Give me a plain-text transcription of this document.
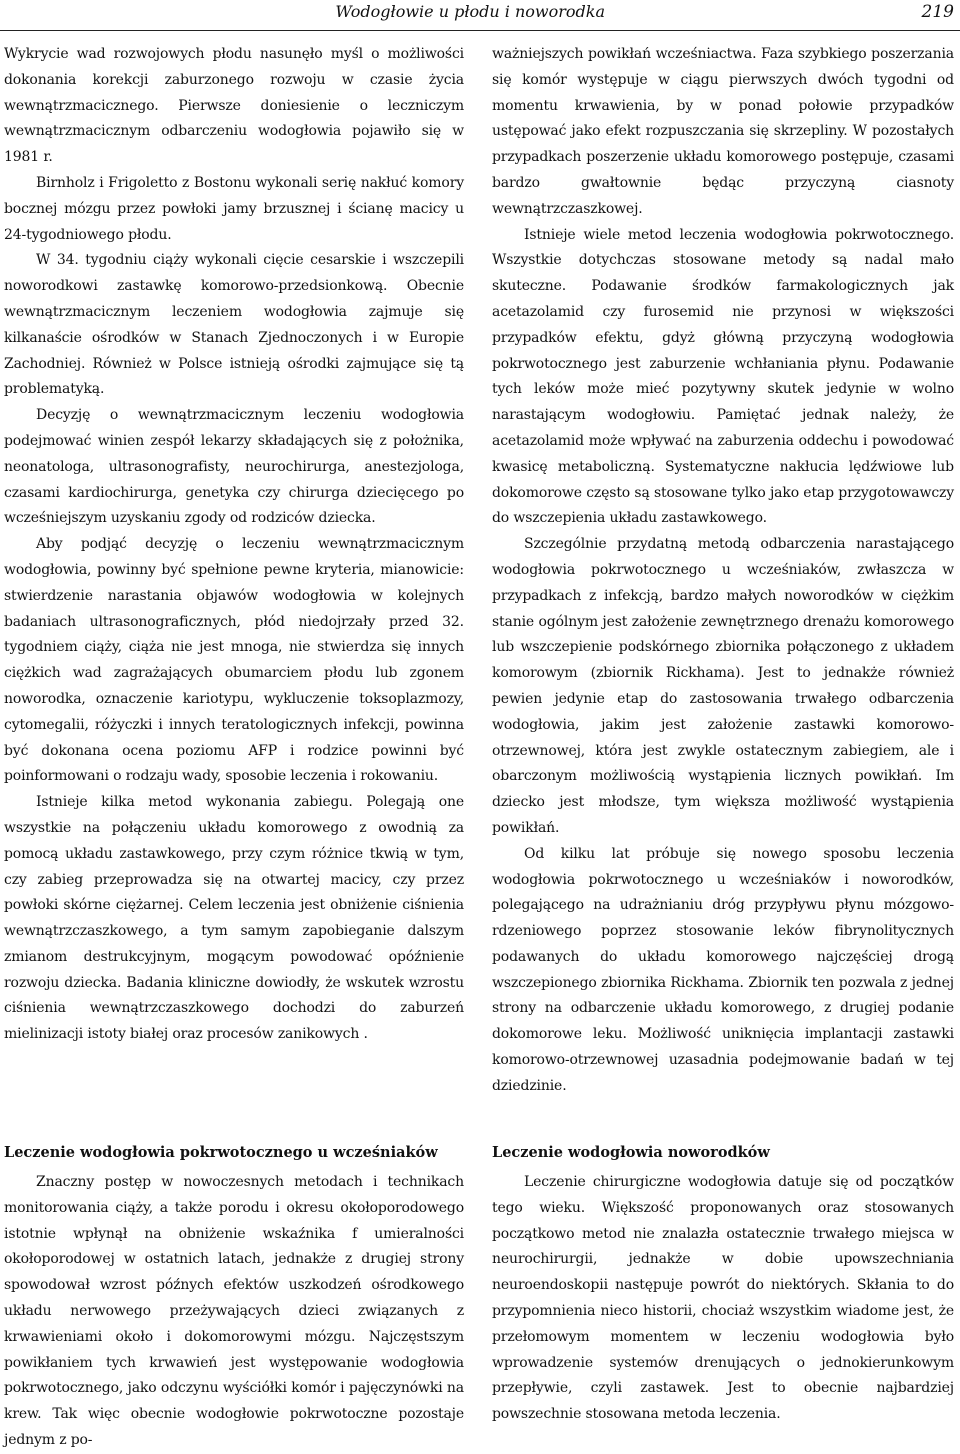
Wodogłowie u płodu i noworodka	219

Wykrycie wad rozwojowych płodu nasunęło myśl o możliwości dokonania korekcji zaburzonego rozwoju w czasie życia wewnątrzmacicznego. Pierwsze doniesienie o leczniczym wewnątrzmacicznym odbarczeniu wodogłowia pojawiło się w 1981 r.

Birnholz i Frigoletto z Bostonu wykonali serię nakłuć komory bocznej mózgu przez powłoki jamy brzusznej i ścianę macicy u 24-tygodniowego płodu.

W 34. tygodniu ciąży wykonali cięcie cesarskie i wszczepili noworodkowi zastawkę komorowo-przedsionkową. Obecnie wewnątrzmacicznym leczeniem wodogłowia zajmuje się kilkanaście ośrodków w Stanach Zjednoczonych i w Europie Zachodniej. Również w Polsce istnieją ośrodki zajmujące się tą problematyką.

Decyzję o wewnątrzmacicznym leczeniu wodogłowia podejmować winien zespół lekarzy składających się z położnika, neonatologa, ultrasonografisty, neurochirurga, anestezjologa, czasami kardiochirurga, genetyka czy chirurga dziecięcego po wcześniejszym uzyskaniu zgody od rodziców dziecka.

Aby podjąć decyzję o leczeniu wewnątrzmacicznym wodogłowia, powinny być spełnione pewne kryteria, mianowicie: stwierdzenie narastania objawów wodogłowia w kolejnych badaniach ultrasonograficznych, płód niedojrzały przed 32. tygodniem ciąży, ciąża nie jest mnoga, nie stwierdza się innych ciężkich wad zagrażających obumarciem płodu lub zgonem noworodka, oznaczenie kariotypu, wykluczenie toksoplazmozy, cytomegalii, różyczki i innych teratologicznych infekcji, powinna być dokonana ocena poziomu AFP i rodzice powinni być poinformowani o rodzaju wady, sposobie leczenia i rokowaniu.

Istnieje kilka metod wykonania zabiegu. Polegają one wszystkie na połączeniu układu komorowego z owodnią za pomocą układu zastawkowego, przy czym różnice tkwią w tym, czy zabieg przeprowadza się na otwartej macicy, czy przez powłoki skórne ciężarnej. Celem leczenia jest obniżenie ciśnienia wewnątrzczaszkowego, a tym samym zapobieganie dalszym zmianom destrukcyjnym, mogącym powodować opóźnienie rozwoju dziecka. Badania kliniczne dowiodły, że wskutek wzrostu ciśnienia wewnątrzczaszkowego dochodzi do zaburzeń mielinizacji istoty białej oraz procesów zanikowych .

ważniejszych powikłań wcześniactwa. Faza szybkiego poszerzania się komór występuje w ciągu pierwszych dwóch tygodni od momentu krwawienia, by w ponad połowie przypadków ustępować jako efekt rozpuszczania się skrzepliny. W pozostałych przypadkach poszerzenie układu komorowego postępuje, czasami bardzo gwałtownie będąc przyczyną ciasnoty wewnątrzczaszkowej.

Istnieje wiele metod leczenia wodogłowia pokrwotocznego. Wszystkie dotychczas stosowane metody są nadal mało skuteczne. Podawanie środków farmakologicznych jak acetazolamid czy furosemid nie przynosi w większości przypadków efektu, gdyż główną przyczyną wodogłowia pokrwotocznego jest zaburzenie wchłaniania płynu. Podawanie tych leków może mieć pozytywny skutek jedynie w wolno narastającym wodogłowiu. Pamiętać jednak należy, że acetazolamid może wpływać na zaburzenia oddechu i powodować kwasicę metaboliczną. Systematyczne nakłucia lędźwiowe lub dokomorowe często są stosowane tylko jako etap przygotowawczy do wszczepienia układu zastawkowego.

Szczególnie przydatną metodą odbarczenia narastającego wodogłowia pokrwotocznego u wcześniaków, zwłaszcza w przypadkach z infekcją, bardzo małych noworodków w ciężkim stanie ogólnym jest założenie zewnętrznego drenażu komorowego lub wszczepienie podskórnego zbiornika połączonego z układem komorowym (zbiornik Rickhama). Jest to jednakże również pewien jedynie etap do zastosowania trwałego odbarczenia wodogłowia, jakim jest założenie zastawki komorowo-otrzewnowej, która jest zwykle ostatecznym zabiegiem, ale i obarczonym możliwością wystąpienia licznych powikłań. Im dziecko jest młodsze, tym większa możliwość wystąpienia powikłań.

Od kilku lat próbuje się nowego sposobu leczenia wodogłowia pokrwotocznego u wcześniaków i noworodków, polegającego na udrażnianiu dróg przypływu płynu mózgowo-rdzeniowego poprzez stosowanie leków fibrynolitycznych podawanych do układu komorowego najczęściej drogą wszczepionego zbiornika Rickhama. Zbiornik ten pozwala z jednej strony na odbarczenie układu komorowego, z drugiej podanie dokomorowe leku. Możliwość uniknięcia implantacji zastawki komorowo-otrzewnowej uzasadnia podejmowanie badań w tej dziedzinie.

Leczenie wodogłowia pokrwotocznego u wcześniaków

Znaczny postęp w nowoczesnych metodach i technikach monitorowania ciąży, a także porodu i okresu okołoporodowego istotnie wpłynął na obniżenie wskaźnika f umieralności okołoporodowej w ostatnich latach, jednakże z drugiej strony spowodował wzrost późnych efektów uszkodzeń ośrodkowego układu nerwowego przeżywających dzieci związanych z krwawieniami około i dokomorowymi mózgu. Najczęstszym powikłaniem tych krwawień jest występowanie wodogłowia pokrwotocznego, jako odczynu wyściółki komór i pajęczynówki na krew. Tak więc obecnie wodogłowie pokrwotoczne pozostaje jednym z po-

Leczenie wodogłowia noworodków

Leczenie chirurgiczne wodogłowia datuje się od początków tego wieku. Większość proponowanych oraz stosowanych początkowo metod nie znalazła ostatecznie trwałego miejsca w neurochirurgii, jednakże w dobie upowszechniania neuroendoskopii następuje powrót do niektórych. Skłania to do przypomnienia nieco historii, chociaż wszystkim wiadome jest, że przełomowym momentem w leczeniu wodogłowia było wprowadzenie systemów drenujących o jednokierunkowym przepływie, czyli zastawek. Jest to obecnie najbardziej powszechnie stosowana metoda leczenia.
